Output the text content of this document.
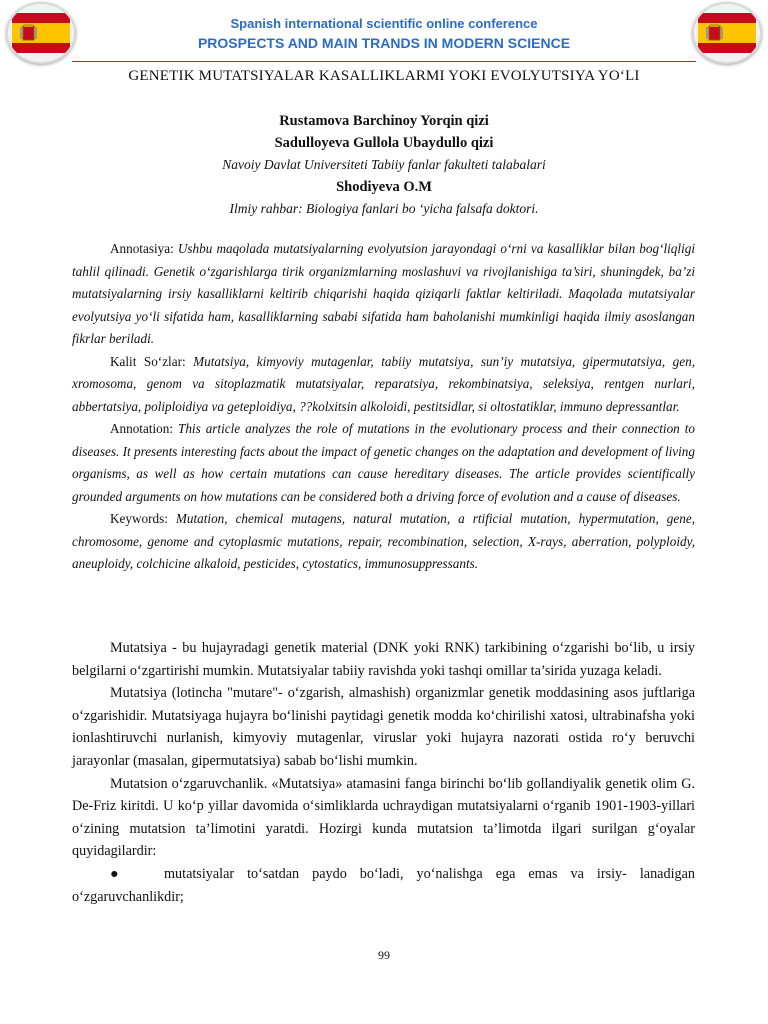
Spanish international scientific online conference
PROSPECTS AND MAIN TRANDS IN MODERN SCIENCE
GENETIK MUTATSIYALAR KASALLIKLARMI YOKI EVOLYUTSIYA YO‘LI
Rustamova Barchinoy Yorqin qizi
Sadulloyeva Gullola Ubaydullo qizi
Navoiy Davlat Universiteti Tabiiy fanlar fakulteti talabalari
Shodiyeva O.M
Ilmiy rahbar: Biologiya fanlari bo ‘yicha falsafa doktori.

Annotasiya: Ushbu maqolada mutatsiyalarning evolyutsion jarayondagi o‘rni va kasalliklar bilan bog‘liqligi tahlil qilinadi. Genetik o‘zgarishlarga tirik organizmlarning moslashuvi va rivojlanishiga ta’siri, shuningdek, ba’zi mutatsiyalarning irsiy kasalliklarni keltirib chiqarishi haqida qiziqarli faktlar keltiriladi. Maqolada mutatsiyalar evolyutsiya yo‘li sifatida ham, kasalliklarning sababi sifatida ham baholanishi mumkinligi haqida ilmiy asoslangan fikrlar beriladi.

Kalit So‘zlar: Mutatsiya, kimyoviy mutagenlar, tabiiy mutatsiya, sun’iy mutatsiya, gipermutatsiya, gen, xromosoma, genom va sitoplazmatik mutatsiyalar, reparatsiya, rekombinatsiya, seleksiya, rentgen nurlari, abbertatsiya, poliploidiya va geteploidiya, ??kolxitsin alkoloidi, pestitsidlar, si oltostatiklar, immuno depressantlar.

Annotation: This article analyzes the role of mutations in the evolutionary process and their connection to diseases. It presents interesting facts about the impact of genetic changes on the adaptation and development of living organisms, as well as how certain mutations can cause hereditary diseases. The article provides scientifically grounded arguments on how mutations can be considered both a driving force of evolution and a cause of diseases.

Keywords: Mutation, chemical mutagens, natural mutation, a rtificial mutation, hypermutation, gene, chromosome, genome and cytoplasmic mutations, repair, recombination, selection, X-rays, aberration, polyploidy, aneuploidy, colchicine alkaloid, pesticides, cytostatics, immunosuppressants.

Mutatsiya - bu hujayradagi genetik material (DNK yoki RNK) tarkibining o‘zgarishi bo‘lib, u irsiy belgilarni o‘zgartirishi mumkin. Mutatsiyalar tabiiy ravishda yoki tashqi omillar ta’sirida yuzaga keladi.

Mutatsiya (lotincha "mutare"- o‘zgarish, almashish) organizmlar genetik moddasining asos juftlariga o‘zgarishidir. Mutatsiyaga hujayra bo‘linishi paytidagi genetik modda ko‘chirilishi xatosi, ultrabinafsha yoki ionlashtiruvchi nurlanish, kimyoviy mutagenlar, viruslar yoki hujayra nazorati ostida ro‘y beruvchi jarayonlar (masalan, gipermutatsiya) sabab bo‘lishi mumkin.

Mutatsion o‘zgaruvchanlik. «Mutatsiya» atamasini fanga birinchi bo‘lib gollandiyalik genetik olim G. De-Friz kiritdi. U ko‘p yillar davomida o‘simliklarda uchraydigan mutatsiyalarni o‘rganib 1901-1903-yillari o‘zining mutatsion ta’limotini yaratdi. Hozirgi kunda mutatsion ta’limotda ilgari surilgan g‘oyalar quyidagilardir:

●	mutatsiyalar to‘satdan paydo bo‘ladi, yo‘nalishga ega emas va irsiy- lanadigan o‘zgaruvchanlikdir;

99
